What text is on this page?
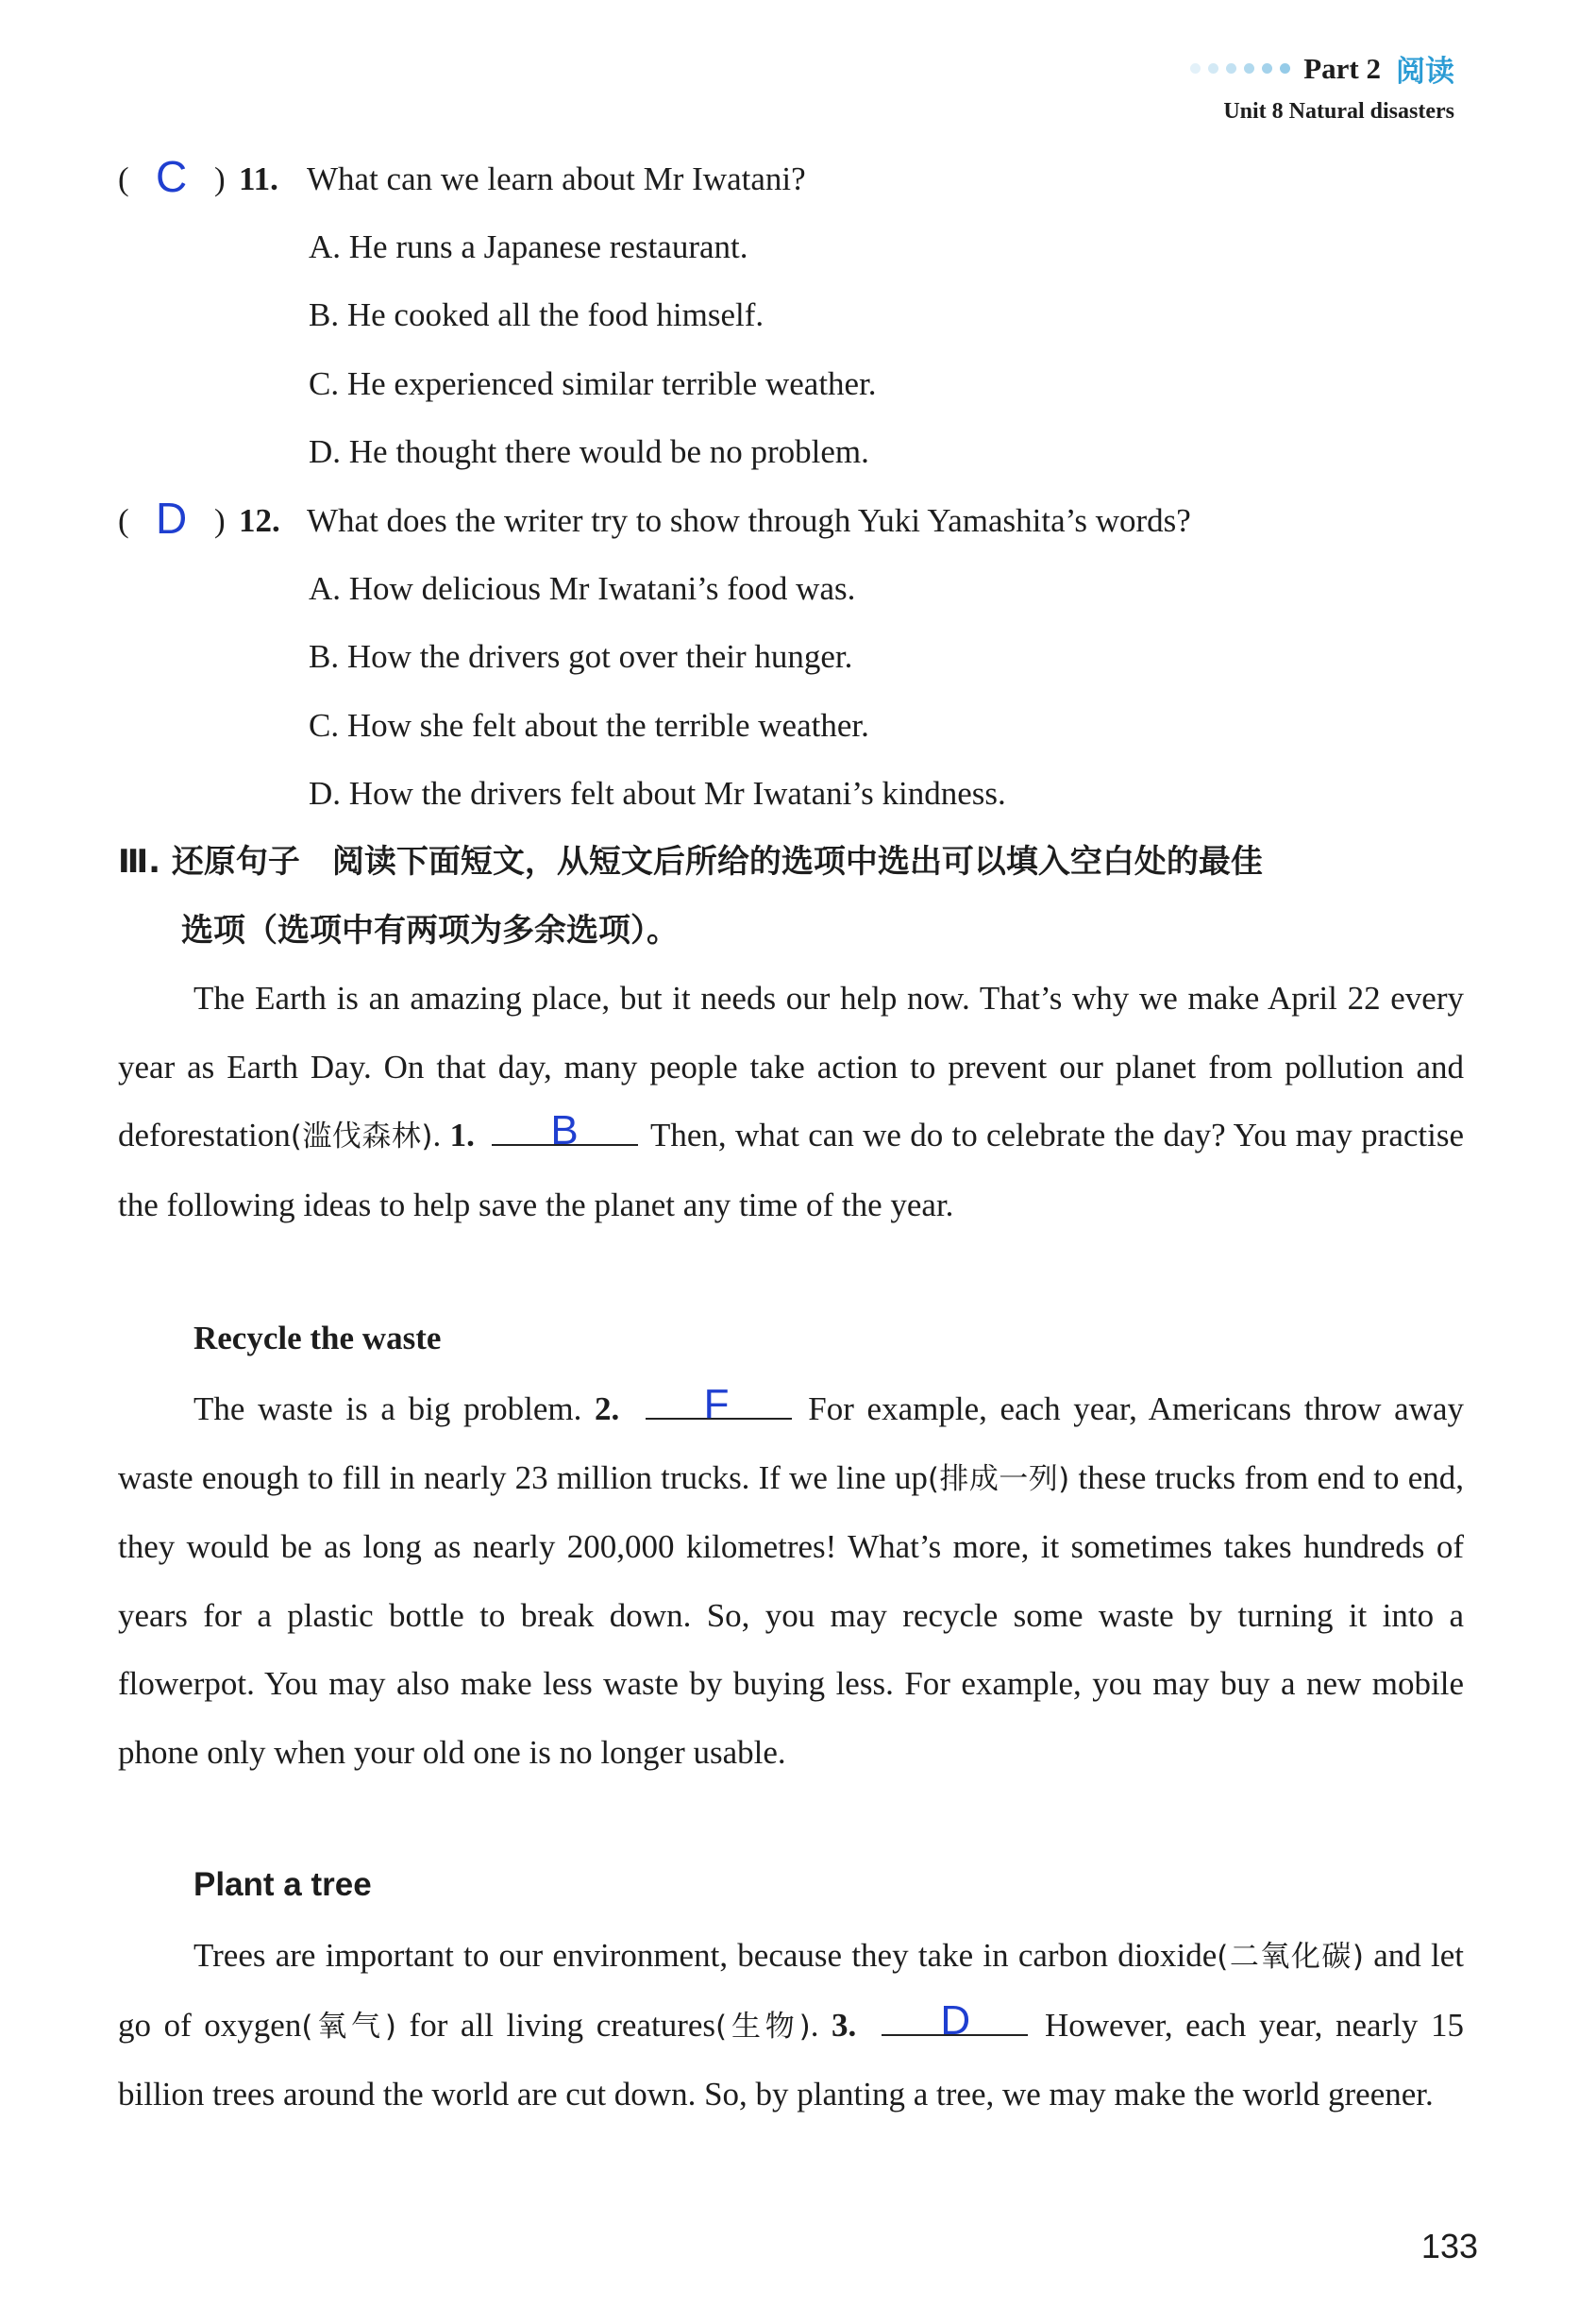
Part 2 阅读
Unit 8 Natural disasters
( C ) 11. What can we learn about Mr Iwatani?
A. He runs a Japanese restaurant.
B. He cooked all the food himself.
C. He experienced similar terrible weather.
D. He thought there would be no problem.
( D ) 12. What does the writer try to show through Yuki Yamashita’s words?
A. How delicious Mr Iwatani’s food was.
B. How the drivers got over their hunger.
C. How she felt about the terrible weather.
D. How the drivers felt about Mr Iwatani’s kindness.
Ⅲ. 还原句子　阅读下面短文，从短文后所给的选项中选出可以填入空白处的最佳
选项（选项中有两项为多余选项）。
The Earth is an amazing place, but it needs our help now. That’s why we make April 22 every year as Earth Day. On that day, many people take action to prevent our planet from pollution and deforestation(滥伐森林). 1. B Then, what can we do to celebrate the day? You may practise the following ideas to help save the planet any time of the year.
Recycle the waste
The waste is a big problem. 2. F For example, each year, Americans throw away waste enough to fill in nearly 23 million trucks. If we line up(排成一列) these trucks from end to end, they would be as long as nearly 200,000 kilometres! What’s more, it sometimes takes hundreds of years for a plastic bottle to break down. So, you may recycle some waste by turning it into a flowerpot. You may also make less waste by buying less. For example, you may buy a new mobile phone only when your old one is no longer usable.
Plant a tree
Trees are important to our environment, because they take in carbon dioxide(二氧化碳) and let go of oxygen(氧气) for all living creatures(生物). 3. D However, each year, nearly 15 billion trees around the world are cut down. So, by planting a tree, we may make the world greener.
133
